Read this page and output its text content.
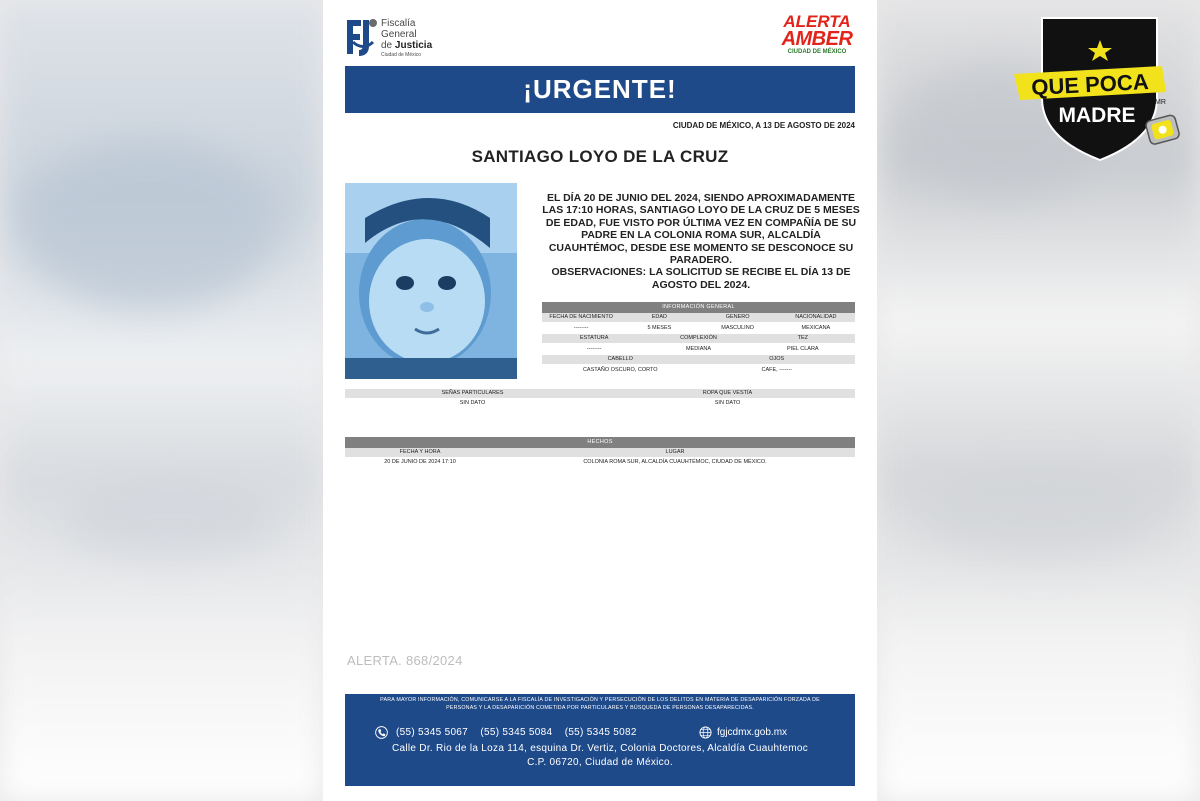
Fiscalía
General
de Justicia
Ciudad de México
ALERTA
AMBER
CIUDAD DE MÉXICO
¡URGENTE!
CIUDAD DE MÉXICO, A 13 DE AGOSTO DE 2024
SANTIAGO LOYO DE LA CRUZ
EL DÍA 20 DE JUNIO DEL 2024, SIENDO APROXIMADAMENTE LAS 17:10 HORAS, SANTIAGO LOYO DE LA CRUZ DE 5 MESES DE EDAD, FUE VISTO POR ÚLTIMA VEZ EN COMPAÑÍA DE SU PADRE EN LA COLONIA ROMA SUR, ALCALDÍA CUAUHTÉMOC, DESDE ESE MOMENTO SE DESCONOCE SU PARADERO.
OBSERVACIONES: LA SOLICITUD SE RECIBE EL DÍA 13 DE AGOSTO DEL 2024.
INFORMACIÓN GENERAL
FECHA DE NACIMIENTO	EDAD	GENERO	NACIONALIDAD
--------	5 MESES	MASCULINO	MEXICANA
ESTATURA	COMPLEXIÓN	TEZ
--------	MEDIANA	PIEL CLARA
CABELLO	OJOS
CASTAÑO OSCURO, CORTO	CAFE, -------
SEÑAS PARTICULARES	ROPA QUE VESTÍA
SIN DATO	SIN DATO
HECHOS
FECHA Y HORA	LUGAR
20 DE JUNIO DE 2024 17:10	COLONIA ROMA SUR, ALCALDÍA CUAUHTÉMOC, CIUDAD DE MÉXICO.
ALERTA. 868/2024
PARA MAYOR INFORMACIÓN, COMUNICARSE A LA FISCALÍA DE INVESTIGACIÓN Y PERSECUCIÓN DE LOS DELITOS EN MATERIA DE DESAPARICIÓN FORZADA DE PERSONAS Y LA DESAPARICIÓN COMETIDA POR PARTICULARES Y BÚSQUEDA DE PERSONAS DESAPARECIDAS.
(55) 5345 5067    (55) 5345 5084    (55) 5345 5082	fgjcdmx.gob.mx
Calle Dr. Rio de la Loza 114, esquina Dr. Vertiz, Colonia Doctores, Alcaldía Cuauhtemoc
C.P. 06720, Ciudad de México.
QUE POCA
MADRE
MR
